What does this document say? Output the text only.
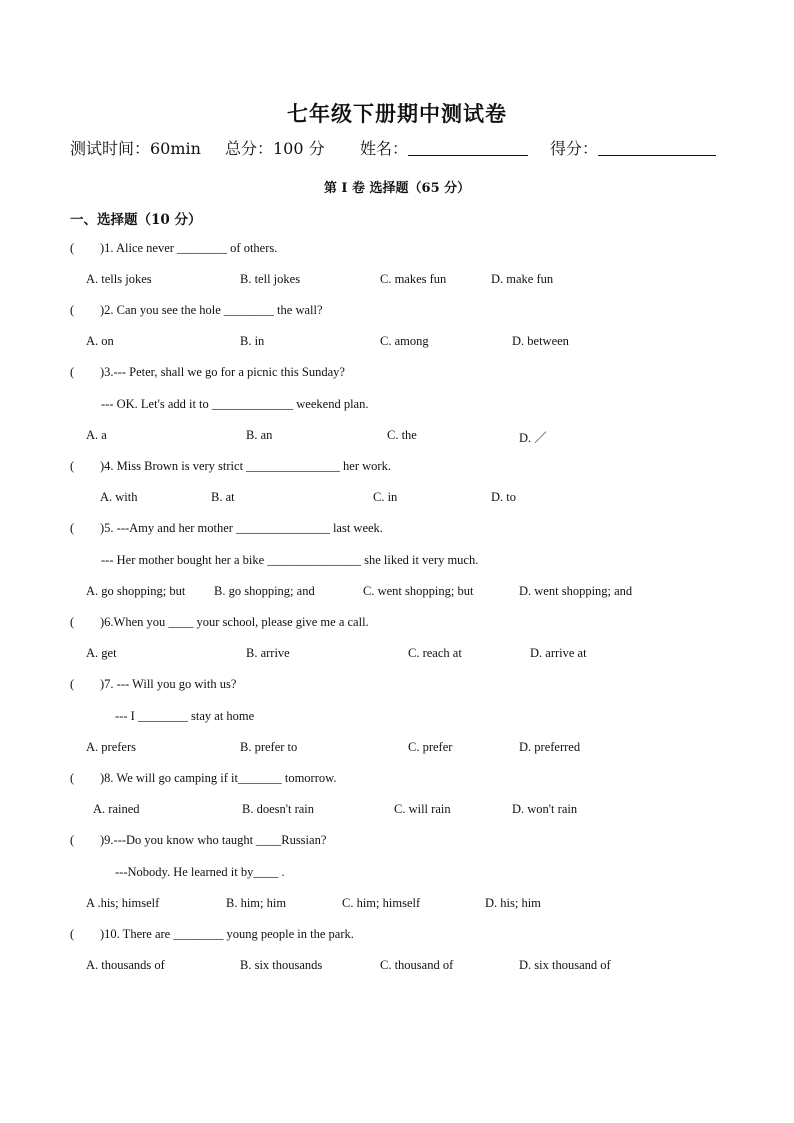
七年级下册期中测试卷
测试时间：60min 总分：100 分 姓名：	得分：
第 I 卷 选择题（65 分）
一、选择题（10 分）
( )1. Alice never ________ of others.
A. tells jokes	B. tell jokes	C. makes fun	D. make fun
( )2. Can you see the hole ________ the wall?
A. on	B. in	C. among	D. between
( )3.--- Peter, shall we go for a picnic this Sunday?
--- OK. Let's add it to _____________ weekend plan.
A. a	B. an	C. the	D. ／
( )4. Miss Brown is very strict _______________ her work.
A. with	B. at	C. in	D. to
( )5. ---Amy and her mother _______________ last week.
--- Her mother bought her a bike _______________ she liked it very much.
A. go shopping; but B. go shopping; and	C. went shopping; but	D. went shopping; and
( )6.When you ____ your school, please give me a call.
A. get	B. arrive	C. reach at	D. arrive at
( )7. --- Will you go with us?
--- I ________ stay at home
A. prefers	B. prefer to	C. prefer	D. preferred
( )8. We will go camping if it_______ tomorrow.
A. rained	B. doesn't rain	C. will rain	D. won't rain
( )9.---Do you know who taught ____Russian?
---Nobody. He learned it by____ .
A .his; himself	B. him; him	C. him; himself	D. his; him
( )10. There are ________ young people in the park.
A. thousands of	B. six thousands	C. thousand of	D. six thousand of
